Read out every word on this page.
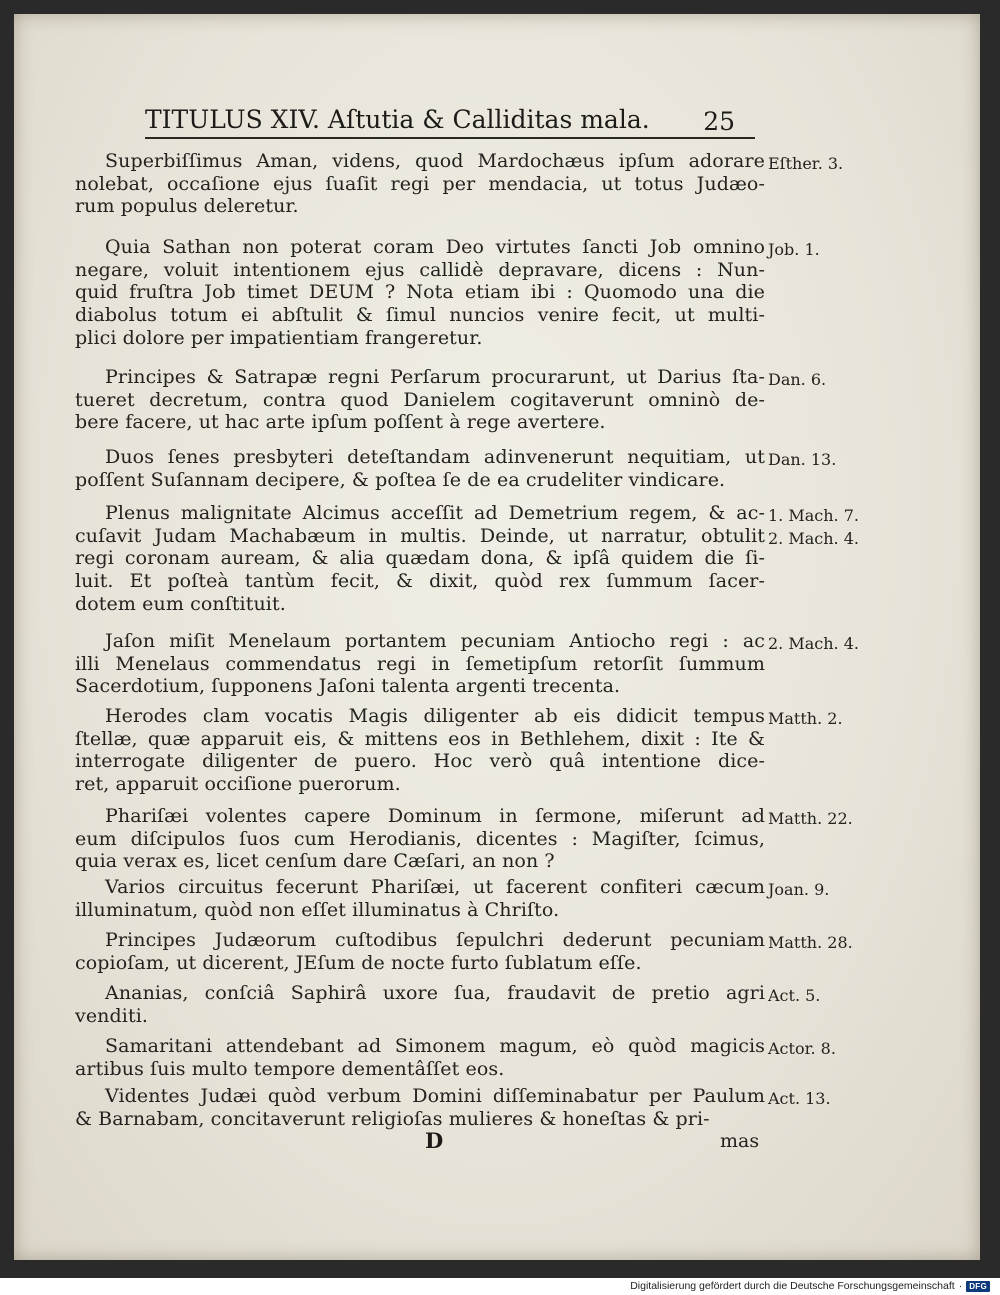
TITULUS XIV. Aſtutia & Calliditas mala. 25
Superbiſſimus Aman, videns, quod Mardochæus ipſum adorare
nolebat, occaſione ejus ſuaſit regi per mendacia, ut totus Judæo-
rum populus deleretur.
Eſther. 3.
Quia Sathan non poterat coram Deo virtutes ſancti Job omnino
negare, voluit intentionem ejus callidè depravare, dicens : Nun-
quid fruſtra Job timet DEUM ? Nota etiam ibi : Quomodo una die
diabolus totum ei abſtulit & ſimul nuncios venire fecit, ut multi-
plici dolore per impatientiam frangeretur.
Job. 1.
Principes & Satrapæ regni Perſarum procurarunt, ut Darius ſta-
tueret decretum, contra quod Danielem cogitaverunt omninò de-
bere facere, ut hac arte ipſum poſſent à rege avertere.
Dan. 6.
Duos ſenes presbyteri deteſtandam adinvenerunt nequitiam, ut
poſſent Suſannam decipere, & poſtea ſe de ea crudeliter vindicare.
Dan. 13.
Plenus malignitate Alcimus acceſſit ad Demetrium regem, & ac-
cuſavit Judam Machabæum in multis. Deinde, ut narratur, obtulit
regi coronam auream, & alia quædam dona, & ipſâ quidem die ſi-
luit. Et poſteà tantùm fecit, & dixit, quòd rex ſummum ſacer-
dotem eum conſtituit.
1. Mach. 7.
2. Mach. 4.
Jaſon miſit Menelaum portantem pecuniam Antiocho regi : ac
illi Menelaus commendatus regi in ſemetipſum retorſit ſummum
Sacerdotium, ſupponens Jaſoni talenta argenti trecenta.
2. Mach. 4.
Herodes clam vocatis Magis diligenter ab eis didicit tempus
ſtellæ, quæ apparuit eis, & mittens eos in Bethlehem, dixit : Ite &
interrogate diligenter de puero. Hoc verò quâ intentione dice-
ret, apparuit occiſione puerorum.
Matth. 2.
Phariſæi volentes capere Dominum in ſermone, miſerunt ad
eum diſcipulos ſuos cum Herodianis, dicentes : Magiſter, ſcimus,
quia verax es, licet cenſum dare Cæſari, an non ?
Matth. 22.
Varios circuitus fecerunt Phariſæi, ut facerent confiteri cæcum
illuminatum, quòd non eſſet illuminatus à Chriſto.
Joan. 9.
Principes Judæorum cuſtodibus ſepulchri dederunt pecuniam
copioſam, ut dicerent, JEſum de nocte furto ſublatum eſſe.
Matth. 28.
Ananias, conſciâ Saphirâ uxore ſua, fraudavit de pretio agri
venditi.
Act. 5.
Samaritani attendebant ad Simonem magum, eò quòd magicis
artibus ſuis multo tempore dementâſſet eos.
Actor. 8.
Videntes Judæi quòd verbum Domini diſſeminabatur per Paulum
& Barnabam, concitaverunt religioſas mulieres & honeſtas & pri-
Act. 13.
D	mas
Digitalisierung gefördert durch die Deutsche Forschungsgemeinschaft · DFG
